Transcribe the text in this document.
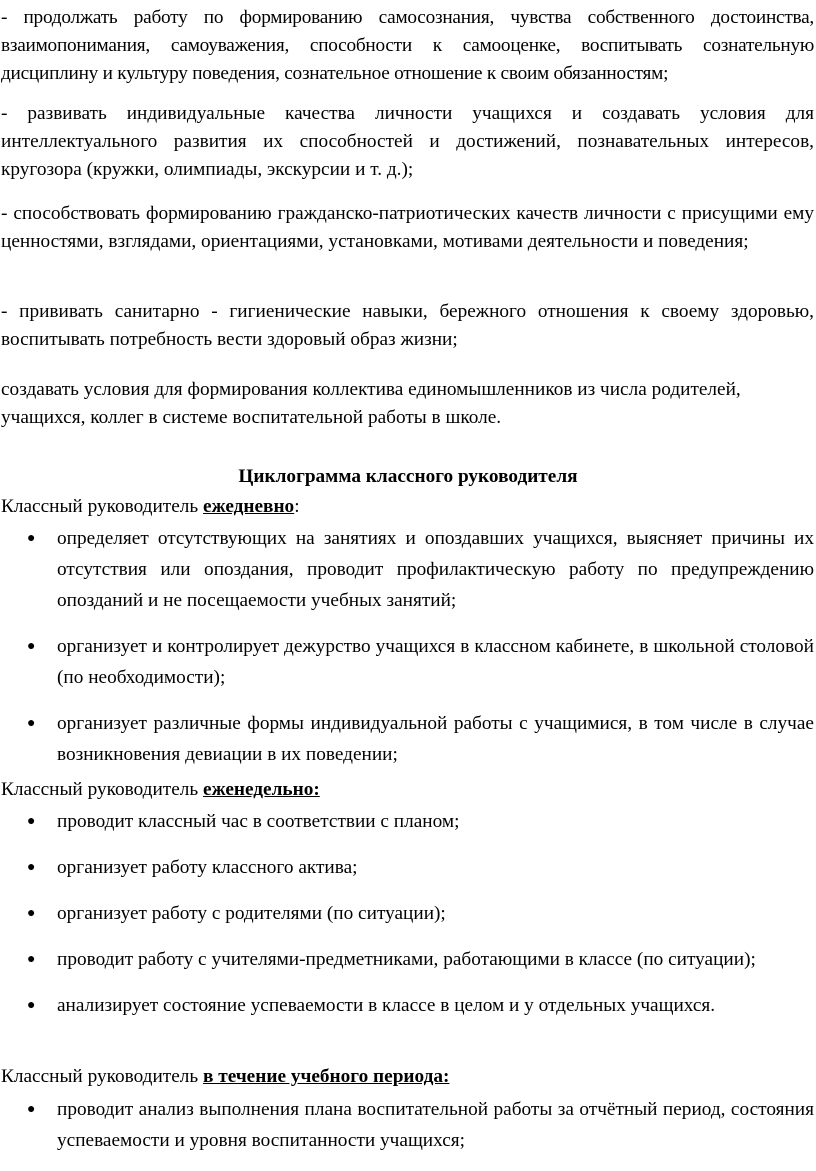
- продолжать работу по формированию самосознания, чувства собственного достоинства, взаимопонимания, самоуважения, способности к самооценке, воспитывать сознательную дисциплину и культуру поведения, сознательное отношение к своим обязанностям;

- развивать индивидуальные качества личности учащихся и создавать условия для интеллектуального развития их способностей и достижений, познавательных интересов, кругозора (кружки, олимпиады, экскурсии и т. д.);

- способствовать формированию гражданско-патриотических качеств личности с присущими ему ценностями, взглядами, ориентациями, установками, мотивами деятельности и поведения;

- прививать санитарно - гигиенические навыки, бережного отношения к своему здоровью, воспитывать потребность вести здоровый образ жизни;

создавать условия для формирования коллектива единомышленников из числа родителей, учащихся, коллег в системе воспитательной работы в школе.

Циклограмма классного руководителя

Классный руководитель ежедневно:

● определяет отсутствующих на занятиях и опоздавших учащихся, выясняет причины их отсутствия или опоздания, проводит профилактическую работу по предупреждению опозданий и не посещаемости учебных занятий;
● организует и контролирует дежурство учащихся в классном кабинете, в школьной столовой (по необходимости);
● организует различные формы индивидуальной работы с учащимися, в том числе в случае возникновения девиации в их поведении;

Классный руководитель еженедельно:

● проводит классный час в соответствии с планом;
● организует работу классного актива;
● организует работу с родителями (по ситуации);
● проводит работу с учителями-предметниками, работающими в классе (по ситуации);
● анализирует состояние успеваемости в классе в целом и у отдельных учащихся.

Классный руководитель в течение учебного периода:

● проводит анализ выполнения плана воспитательной работы за отчётный период, состояния успеваемости и уровня воспитанности учащихся;
